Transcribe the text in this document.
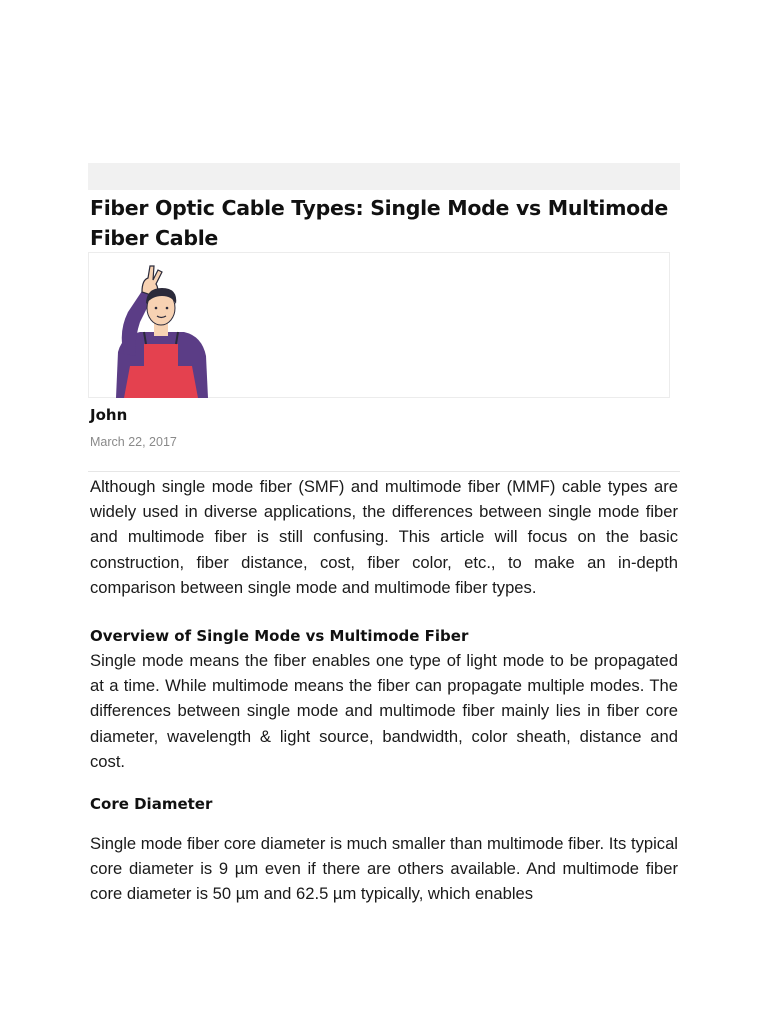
Fiber Optic Cable Types: Single Mode vs Multimode Fiber Cable
John
March 22, 2017

Although single mode fiber (SMF) and multimode fiber (MMF) cable types are widely used in diverse applications, the differences between single mode fiber and multimode fiber is still confusing. This article will focus on the basic construction, fiber distance, cost, fiber color, etc., to make an in-depth comparison between single mode and multimode fiber types.

Overview of Single Mode vs Multimode Fiber

Single mode means the fiber enables one type of light mode to be propagated at a time. While multimode means the fiber can propagate multiple modes. The differences between single mode and multimode fiber mainly lies in fiber core diameter, wavelength & light source, bandwidth, color sheath, distance and cost.

Core Diameter

Single mode fiber core diameter is much smaller than multimode fiber. Its typical core diameter is 9 µm even if there are others available. And multimode fiber core diameter is 50 µm and 62.5 µm typically, which enables
